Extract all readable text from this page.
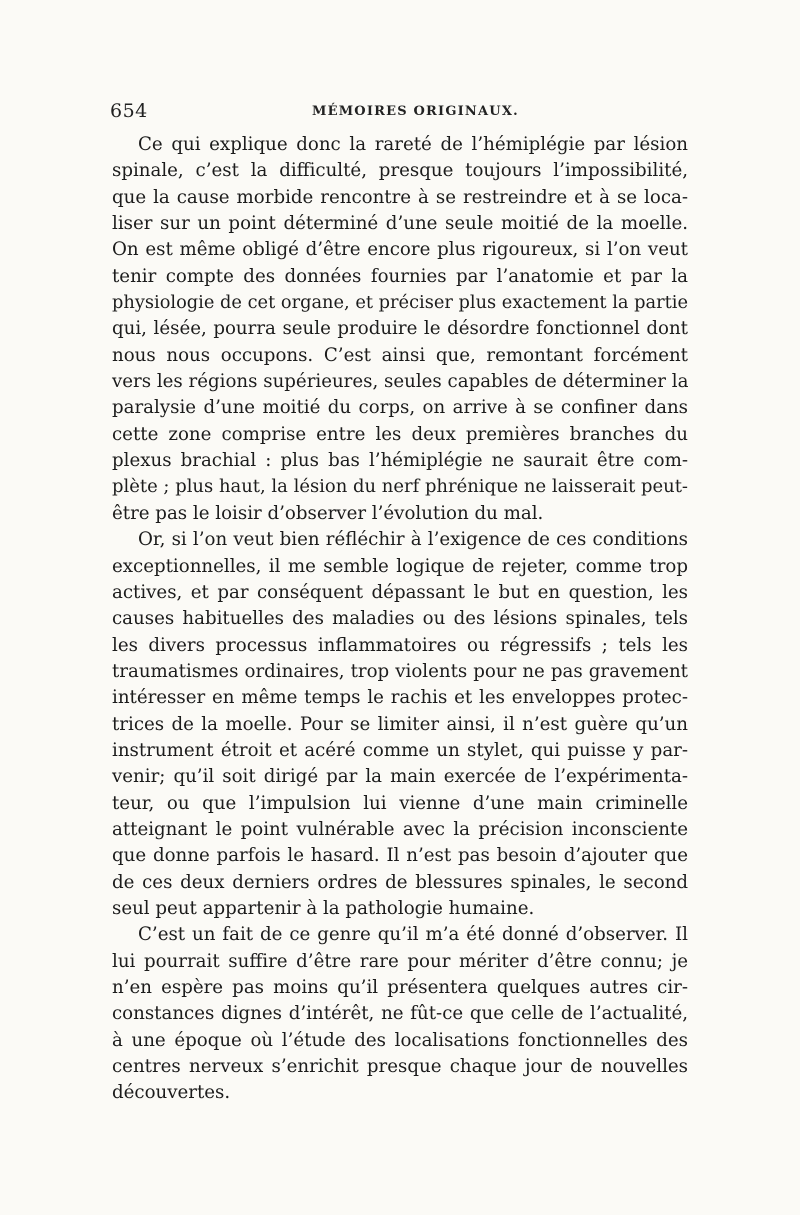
654	MÉMOIRES ORIGINAUX.
Ce qui explique donc la rareté de l’hémiplégie par lésion
spinale, c’est la difficulté, presque toujours l’impossibilité,
que la cause morbide rencontre à se restreindre et à se loca-
liser sur un point déterminé d’une seule moitié de la moelle.
On est même obligé d’être encore plus rigoureux, si l’on veut
tenir compte des données fournies par l’anatomie et par la
physiologie de cet organe, et préciser plus exactement la partie
qui, lésée, pourra seule produire le désordre fonctionnel dont
nous nous occupons. C’est ainsi que, remontant forcément
vers les régions supérieures, seules capables de déterminer la
paralysie d’une moitié du corps, on arrive à se confiner dans
cette zone comprise entre les deux premières branches du
plexus brachial : plus bas l’hémiplégie ne saurait être com-
plète ; plus haut, la lésion du nerf phrénique ne laisserait peut-
être pas le loisir d’observer l’évolution du mal.
Or, si l’on veut bien réfléchir à l’exigence de ces conditions
exceptionnelles, il me semble logique de rejeter, comme trop
actives, et par conséquent dépassant le but en question, les
causes habituelles des maladies ou des lésions spinales, tels
les divers processus inflammatoires ou régressifs ; tels les
traumatismes ordinaires, trop violents pour ne pas gravement
intéresser en même temps le rachis et les enveloppes protec-
trices de la moelle. Pour se limiter ainsi, il n’est guère qu’un
instrument étroit et acéré comme un stylet, qui puisse y par-
venir; qu’il soit dirigé par la main exercée de l’expérimenta-
teur, ou que l’impulsion lui vienne d’une main criminelle
atteignant le point vulnérable avec la précision inconsciente
que donne parfois le hasard. Il n’est pas besoin d’ajouter que
de ces deux derniers ordres de blessures spinales, le second
seul peut appartenir à la pathologie humaine.
C’est un fait de ce genre qu’il m’a été donné d’observer. Il
lui pourrait suffire d’être rare pour mériter d’être connu; je
n’en espère pas moins qu’il présentera quelques autres cir-
constances dignes d’intérêt, ne fût-ce que celle de l’actualité,
à une époque où l’étude des localisations fonctionnelles des
centres nerveux s’enrichit presque chaque jour de nouvelles
découvertes.
